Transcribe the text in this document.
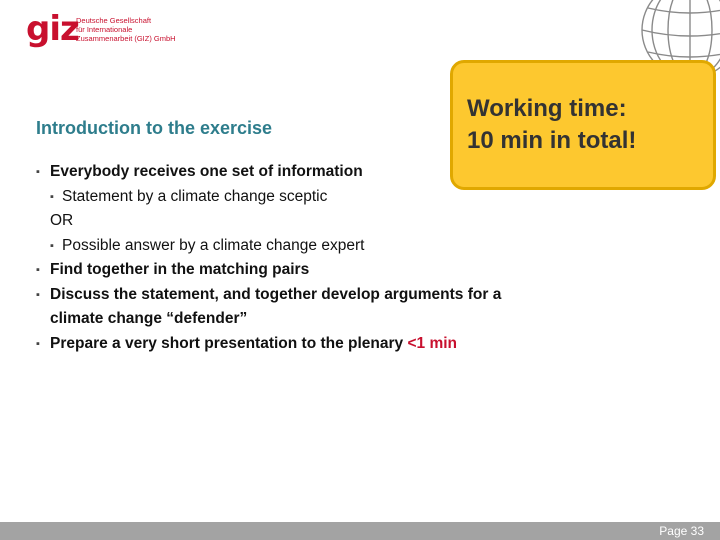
giz
Deutsche Gesellschaft
für Internationale
Zusammenarbeit (GIZ) GmbH
Introduction to the exercise
Working time:
10 min in total!
▪ Everybody receives one set of information
▪ Statement by a climate change sceptic
OR
▪ Possible answer by a climate change expert
▪ Find together in the matching pairs
▪ Discuss the statement, and together develop arguments for a
climate change “defender”
▪ Prepare a very short presentation to the plenary <1 min
Page 33
